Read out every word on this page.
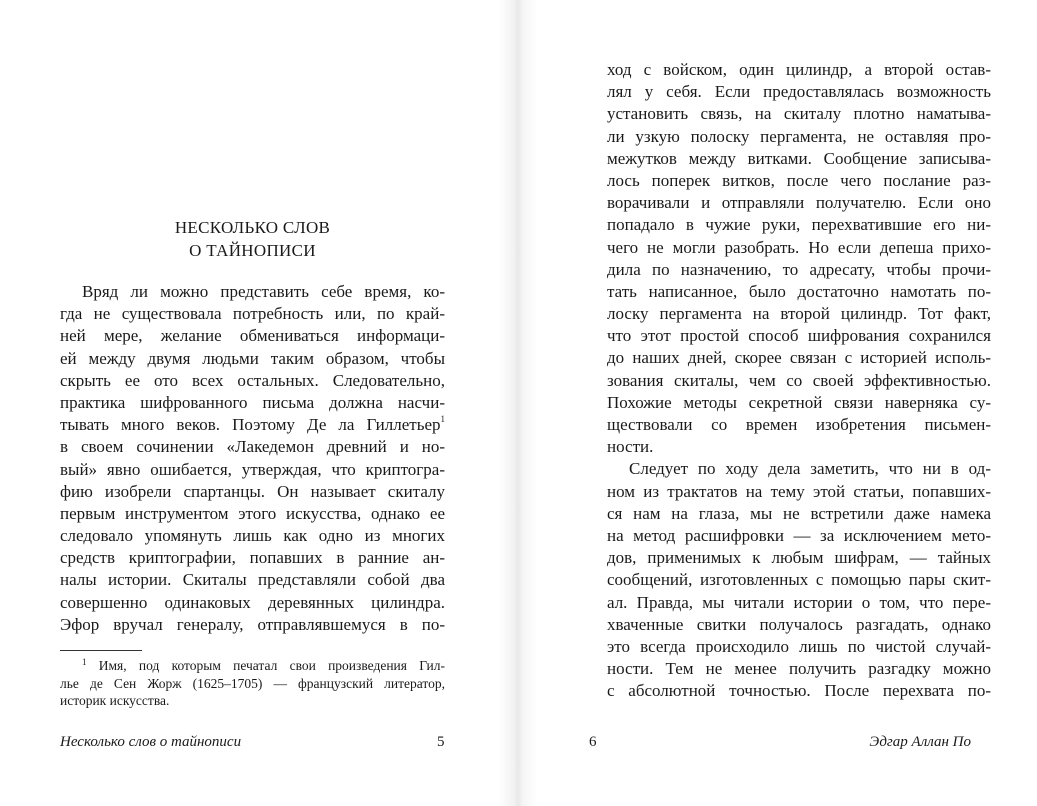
НЕСКОЛЬКО СЛОВ
О ТАЙНОПИСИ
Вряд ли можно представить себе время, ко-
гда не существовала потребность или, по край-
ней мере, желание обмениваться информаци-
ей между двумя людьми таким образом, чтобы
скрыть ее ото всех остальных. Следовательно,
практика шифрованного письма должна насчи-
тывать много веков. Поэтому Де ла Гиллетьер$^1$
в своем сочинении «Лакедемон древний и но-
вый» явно ошибается, утверждая, что криптогра-
фию изобрели спартанцы. Он называет скиталу
первым инструментом этого искусства, однако ее
следовало упомянуть лишь как одно из многих
средств криптографии, попавших в ранние ан-
налы истории. Скиталы представляли собой два
совершенно одинаковых деревянных цилиндра.
Эфор вручал генералу, отправлявшемуся в по-
$^1$ Имя, под которым печатал свои произведения Гил-
лье де Сен Жорж (1625–1705) — французский литератор,
историк искусства.
Несколько слов о тайнописи	5
ход с войском, один цилиндр, а второй остав-
лял у себя. Если предоставлялась возможность
установить связь, на скиталу плотно наматыва-
ли узкую полоску пергамента, не оставляя про-
межутков между витками. Сообщение записыва-
лось поперек витков, после чего послание раз-
ворачивали и отправляли получателю. Если оно
попадало в чужие руки, перехватившие его ни-
чего не могли разобрать. Но если депеша прихо-
дила по назначению, то адресату, чтобы прочи-
тать написанное, было достаточно намотать по-
лоску пергамента на второй цилиндр. Тот факт,
что этот простой способ шифрования сохранился
до наших дней, скорее связан с историей исполь-
зования скиталы, чем со своей эффективностью.
Похожие методы секретной связи наверняка су-
ществовали со времен изобретения письмен-
ности.
Следует по ходу дела заметить, что ни в од-
ном из трактатов на тему этой статьи, попавших-
ся нам на глаза, мы не встретили даже намека
на метод расшифровки — за исключением мето-
дов, применимых к любым шифрам, — тайных
сообщений, изготовленных с помощью пары скит-
ал. Правда, мы читали истории о том, что пере-
хваченные свитки получалось разгадать, однако
это всегда происходило лишь по чистой случай-
ности. Тем не менее получить разгадку можно
с абсолютной точностью. После перехвата по-
6	Эдгар Аллан По
